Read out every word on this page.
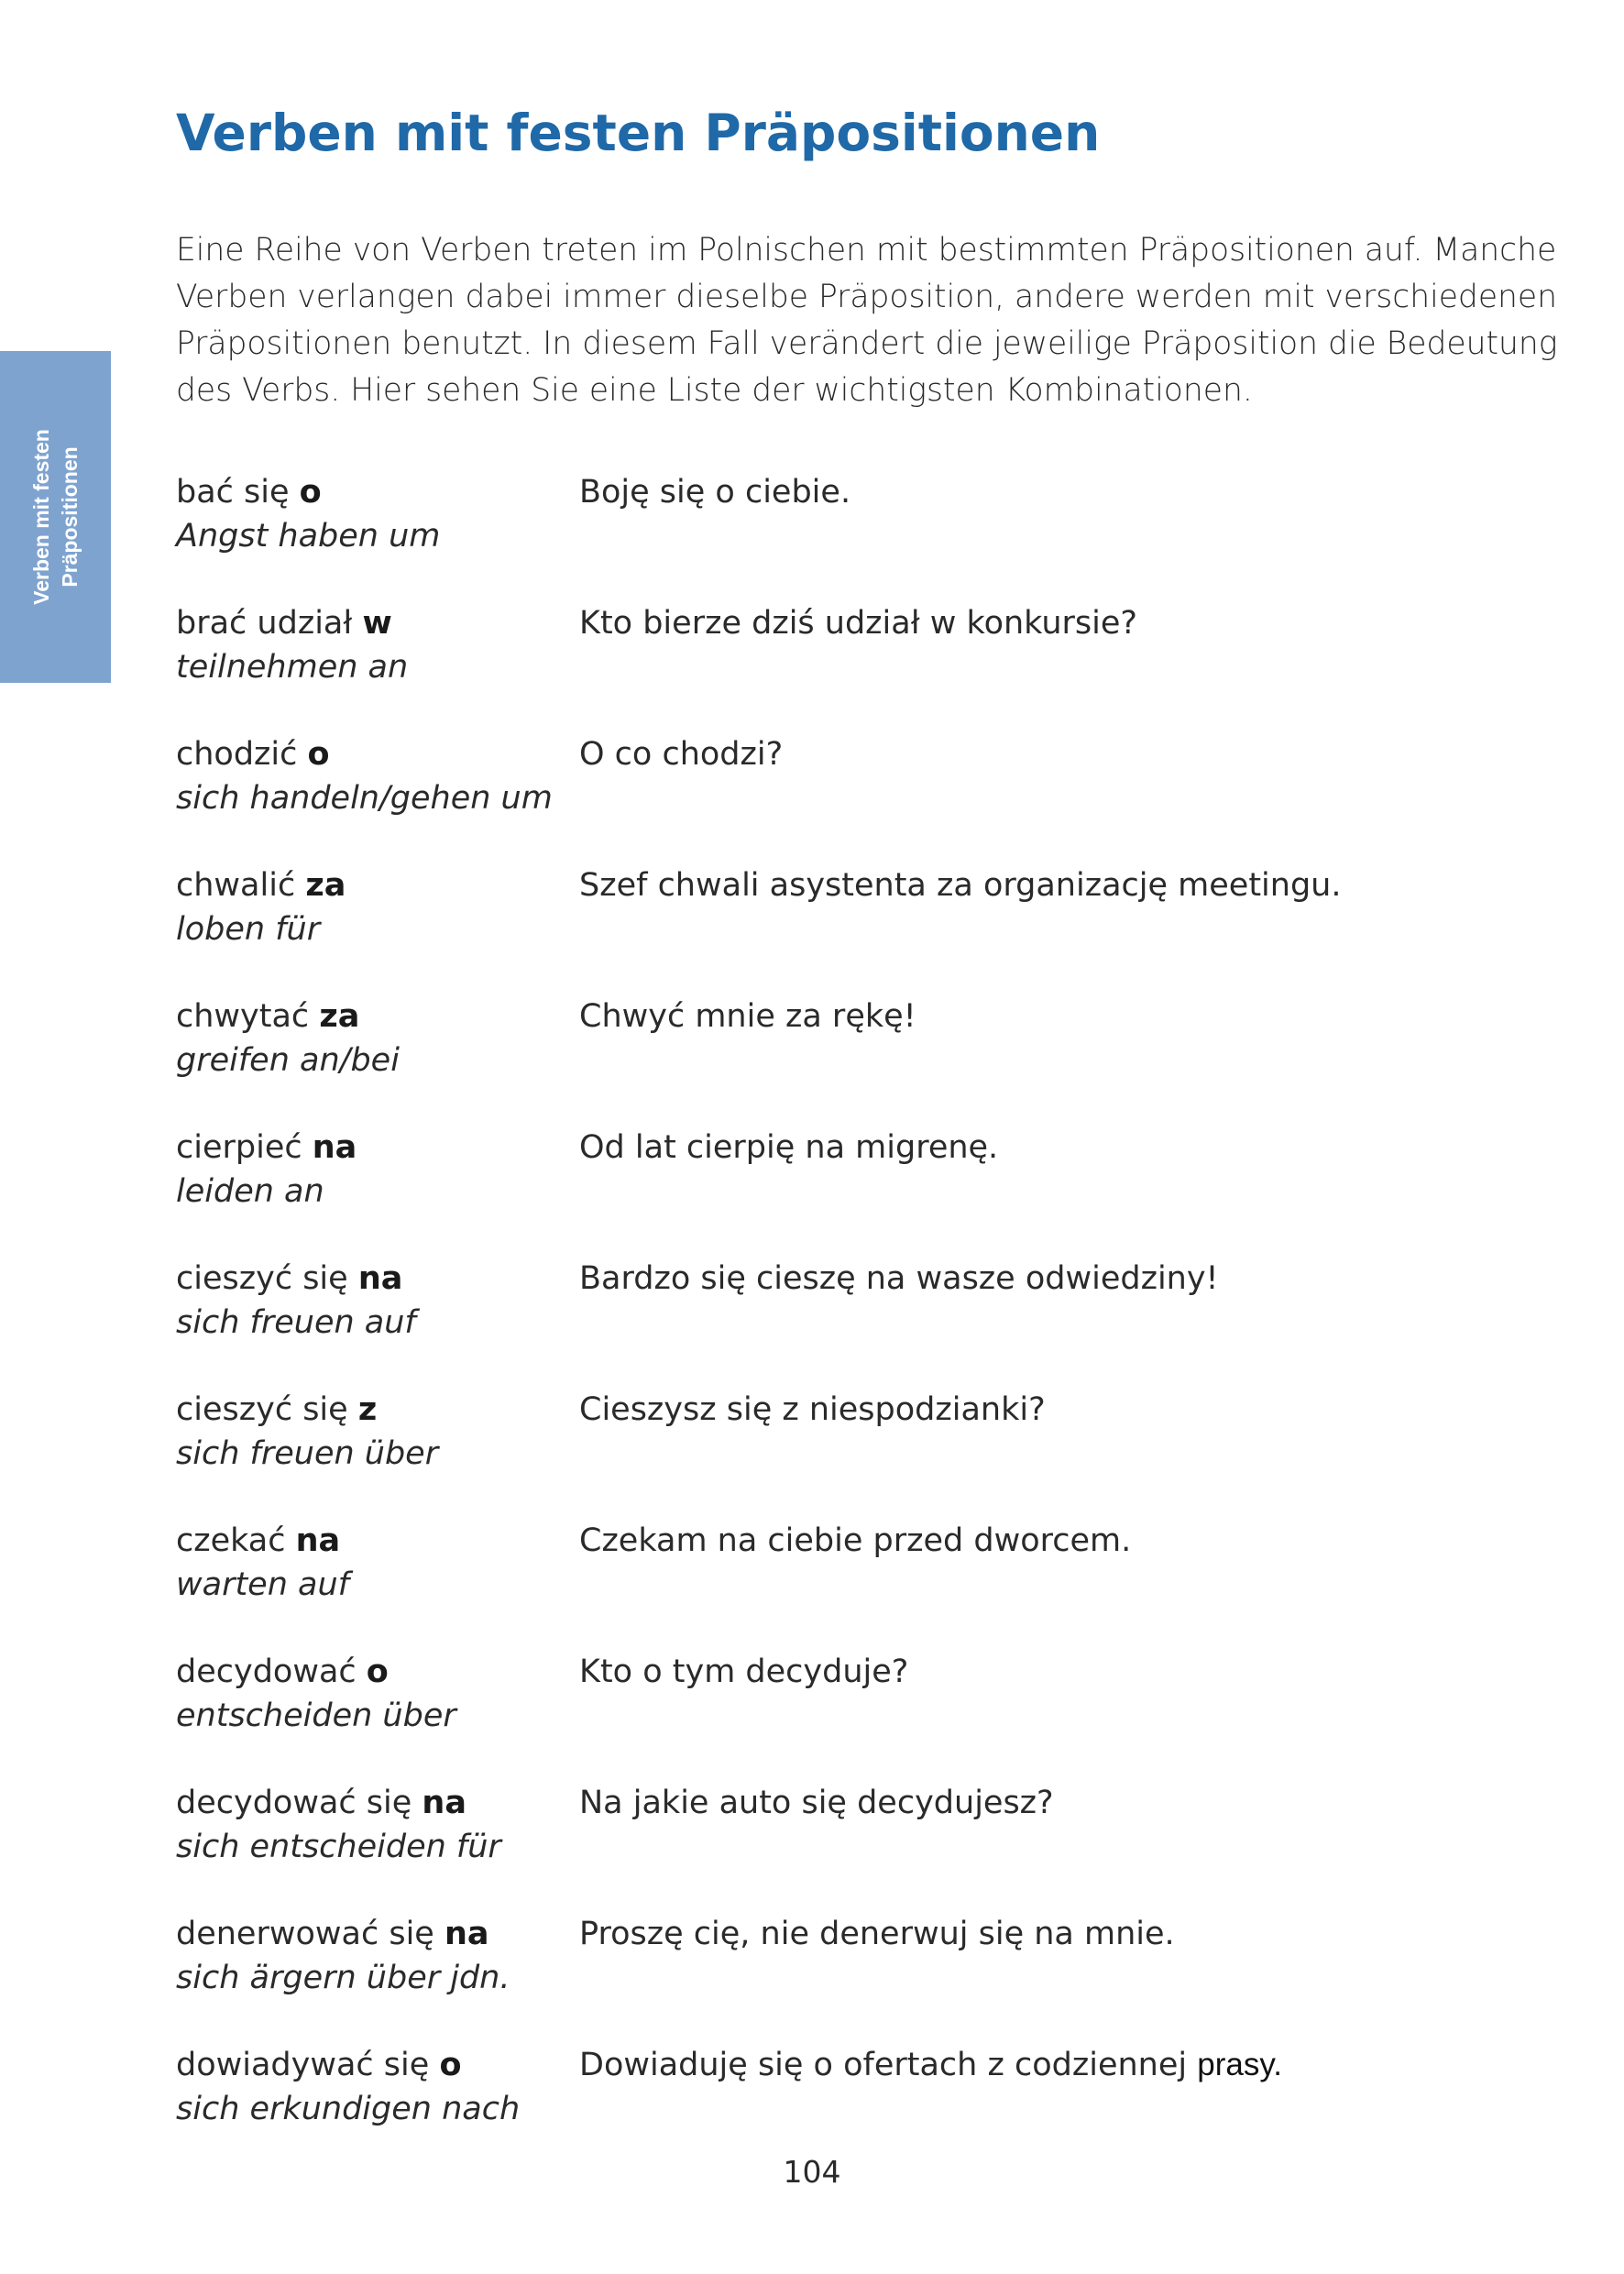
Verben mit festen Präpositionen
Verben mit festen Präpositionen

Eine Reihe von Verben treten im Polnischen mit bestimmten Präpositionen auf. Manche
Verben verlangen dabei immer dieselbe Präposition, andere werden mit verschiedenen
Präpositionen benutzt. In diesem Fall verändert die jeweilige Präposition die Bedeutung
des Verbs. Hier sehen Sie eine Liste der wichtigsten Kombinationen.

bać się o
Angst haben um
Boję się o ciebie.
brać udział w
teilnehmen an
Kto bierze dziś udział w konkursie?
chodzić o
sich handeln/gehen um
O co chodzi?
chwalić za
loben für
Szef chwali asystenta za organizację meetingu.
chwytać za
greifen an/bei
Chwyć mnie za rękę!
cierpieć na
leiden an
Od lat cierpię na migrenę.
cieszyć się na
sich freuen auf
Bardzo się cieszę na wasze odwiedziny!
cieszyć się z
sich freuen über
Cieszysz się z niespodzianki?
czekać na
warten auf
Czekam na ciebie przed dworcem.
decydować o
entscheiden über
Kto o tym decyduje?
decydować się na
sich entscheiden für
Na jakie auto się decydujesz?
denerwować się na
sich ärgern über jdn.
Proszę cię, nie denerwuj się na mnie.
dowiadywać się o
sich erkundigen nach
Dowiaduję się o ofertach z codziennej prasy.
104
